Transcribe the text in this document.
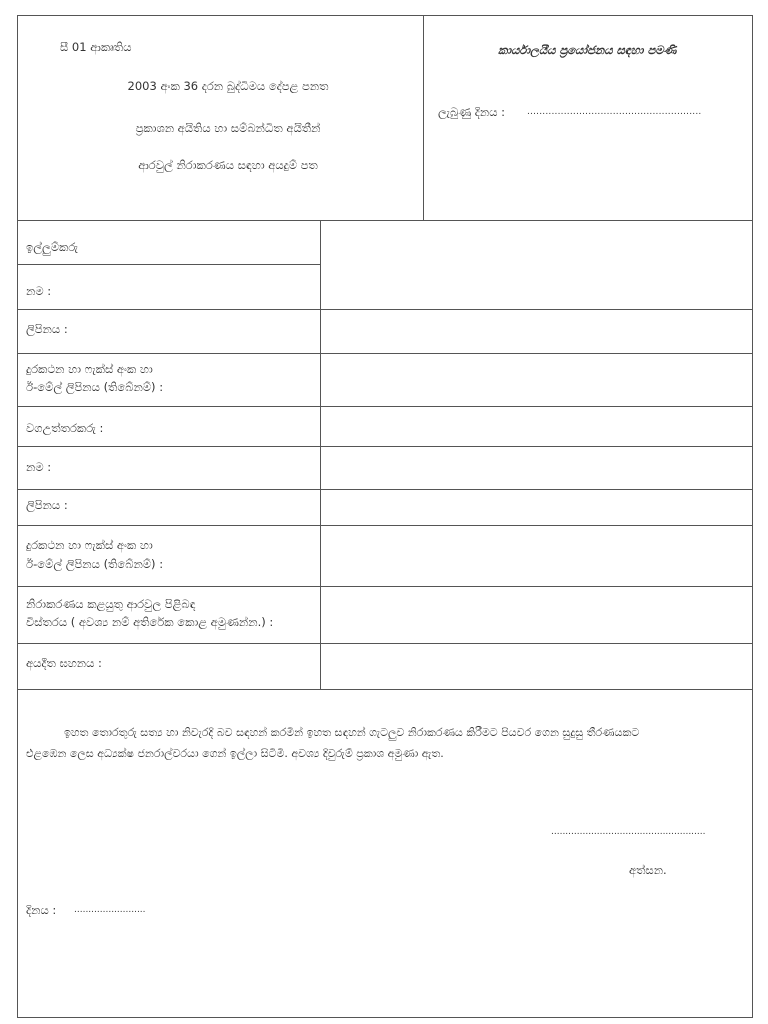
සී 01 ආකෘතිය
2003 අංක 36 දරන බුද්ධිමය දේපළ පනත
ප්‍රකාශන අයිතිය හා සම්බන්ධිත අයිතීන්
ආරවුල් නිරාකරණය සඳහා අයදුම් පත
කාර්යාලයීය ප්‍රයෝජනය සඳහා පමණි
ලැබුණු දිනය : .........................................................
ඉල්ලුම්කරු
නම :
ලිපිනය :
දුරකථන හා ෆැක්ස් අංක හා
ඊ-මේල් ලිපිනය (තිබේනම්) :
වගඋත්තරකරු :
නම :
ලිපිනය :
දුරකථන හා ෆැක්ස් අංක හා
ඊ-මේල් ලිපිනය (තිබේනම්) :
නිරාකරණය කළයුතු ආරවුල පිළිබඳ
විස්තරය ( අවශ්‍ය නම් අතිරේක කොළ අමුණන්න.) :
අයදීත ඝහනය :
ඉහත තොරතුරු සත්‍ය හා නිවැරදි බව සඳහන් කරමින් ඉහත සඳහන් ගැටලුව නිරාකරණය කිරීමට පියවර ගෙන සුදුසු තීරණයකට
එළඹෙන ලෙස අධ්‍යක්ෂ ජනරාල්වරයා ගෙන් ඉල්ලා සිටිමි. අවශ්‍ය දිවුරුම් ප්‍රකාශ අමුණා ඇත.
......................................................
අත්සන.
දිනය : .........................
